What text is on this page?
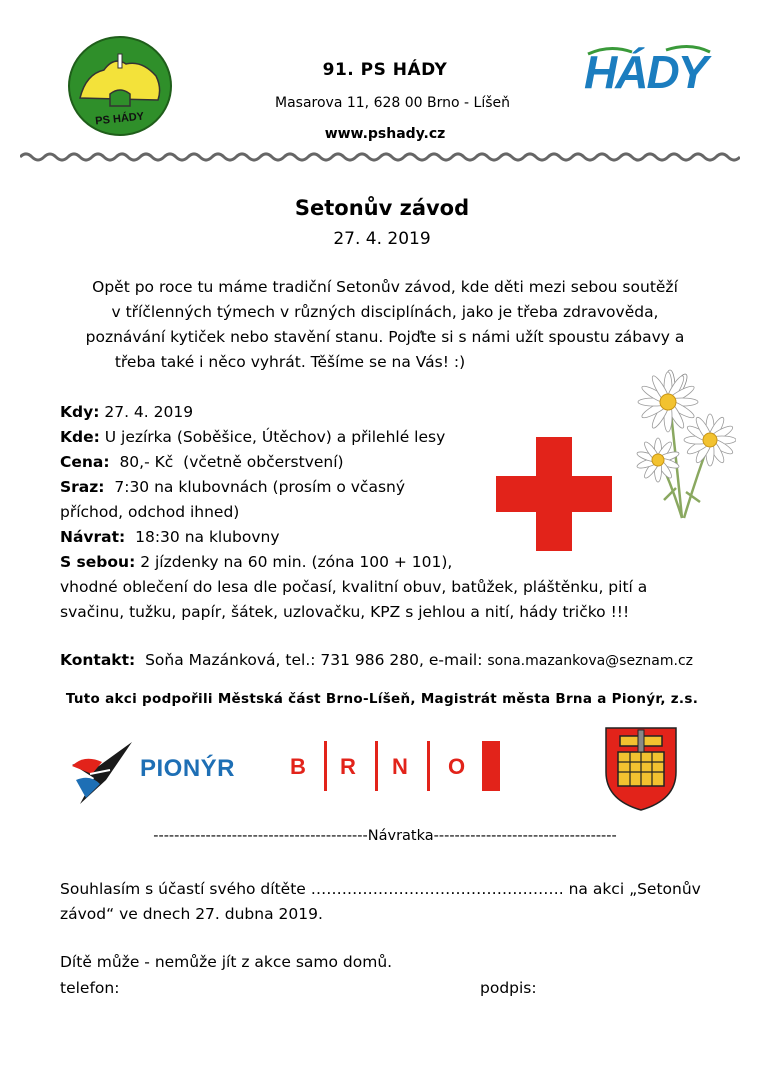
PS HÁDY
91. PS HÁDY
Masarova 11, 628 00 Brno - Líšeň
www.pshady.cz
HÁDY
Setonův závod
27. 4. 2019
Opět po roce tu máme tradiční Setonův závod, kde děti mezi sebou soutěží
v tříčlenných týmech v různých disciplínách, jako je třeba zdravověda,
poznávání kytiček nebo stavění stanu. Pojďte si s námi užít spoustu zábavy a
třeba také i něco vyhrát. Těšíme se na Vás! :)
Kdy: 27. 4. 2019
Kde: U jezírka (Soběšice, Útěchov) a přilehlé lesy
Cena:  80,- Kč  (včetně občerstvení)
Sraz:  7:30 na klubovnách (prosím o včasný
příchod, odchod ihned)
Návrat:  18:30 na klubovny
S sebou: 2 jízdenky na 60 min. (zóna 100 + 101),
vhodné oblečení do lesa dle počasí, kvalitní obuv, batůžek, pláštěnku, pití a
svačinu, tužku, papír, šátek, uzlovačku, KPZ s jehlou a nití, hády tričko !!!
Kontakt:  Soňa Mazánková, tel.: 731 986 280, e-mail: sona.mazankova@seznam.cz
Tuto akci podpořili Městská část Brno-Líšeň, Magistrát města Brna a Pionýr, z.s.
PIONÝR B R N O
-----------------------------------------Návratka-----------------------------------
Souhlasím s účastí svého dítěte …………………………………………. na akci „Setonův
závod“ ve dnech 27. dubna 2019.
Dítě může - nemůže jít z akce samo domů.
telefon:	podpis:
